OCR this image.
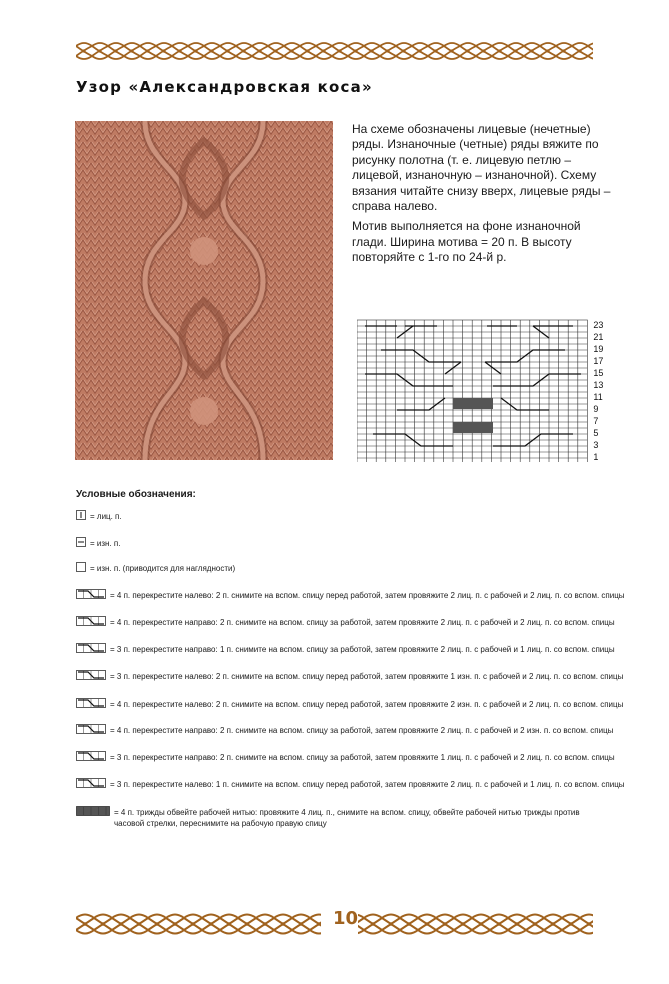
Узор «Александровская коса»

На схеме обозначены лицевые (нечетные) ряды. Изнаночные (четные) ряды вяжите по рисунку полотна (т. е. лицевую петлю – лицевой, изнаночную – изнаночной). Схему вязания читайте снизу вверх, лицевые ряды – справа налево.

Мотив выполняется на фоне изнаночной глади. Ширина мотива = 20 п. В высоту повторяйте с 1-го по 24-й р.

23
21
19
17
15
13
11
9
7
5
3
1
Условные обозначения:
= лиц. п.
= изн. п.
= изн. п. (приводится для наглядности)
= 4 п. перекрестите налево: 2 п. снимите на вспом. спицу перед работой, затем провяжите 2 лиц. п. с рабочей и 2 лиц. п. со вспом. спицы
= 4 п. перекрестите направо: 2 п. снимите на вспом. спицу за работой, затем провяжите 2 лиц. п. с рабочей и 2 лиц. п. со вспом. спицы
= 3 п. перекрестите направо: 1 п. снимите на вспом. спицу за работой, затем провяжите 2 лиц. п. с рабочей и 1 лиц. п. со вспом. спицы
= 3 п. перекрестите налево: 2 п. снимите на вспом. спицу перед работой, затем провяжите 1 изн. п. с рабочей и 2 лиц. п. со вспом. спицы
= 4 п. перекрестите налево: 2 п. снимите на вспом. спицу перед работой, затем провяжите 2 изн. п. с рабочей и 2 лиц. п. со вспом. спицы
= 4 п. перекрестите направо: 2 п. снимите на вспом. спицу за работой, затем провяжите 2 лиц. п. с рабочей и 2 изн. п. со вспом. спицы
= 3 п. перекрестите направо: 2 п. снимите на вспом. спицу за работой, затем провяжите 1 лиц. п. с рабочей и 2 лиц. п. со вспом. спицы
= 3 п. перекрестите налево: 1 п. снимите на вспом. спицу перед работой, затем провяжите 2 лиц. п. с рабочей и 1 лиц. п. со вспом. спицы
= 4 п. трижды обвейте рабочей нитью: провяжите 4 лиц. п., снимите на вспом. спицу, обвейте рабочей нитью трижды против часовой стрелки, переснимите на рабочую правую спицу
10
